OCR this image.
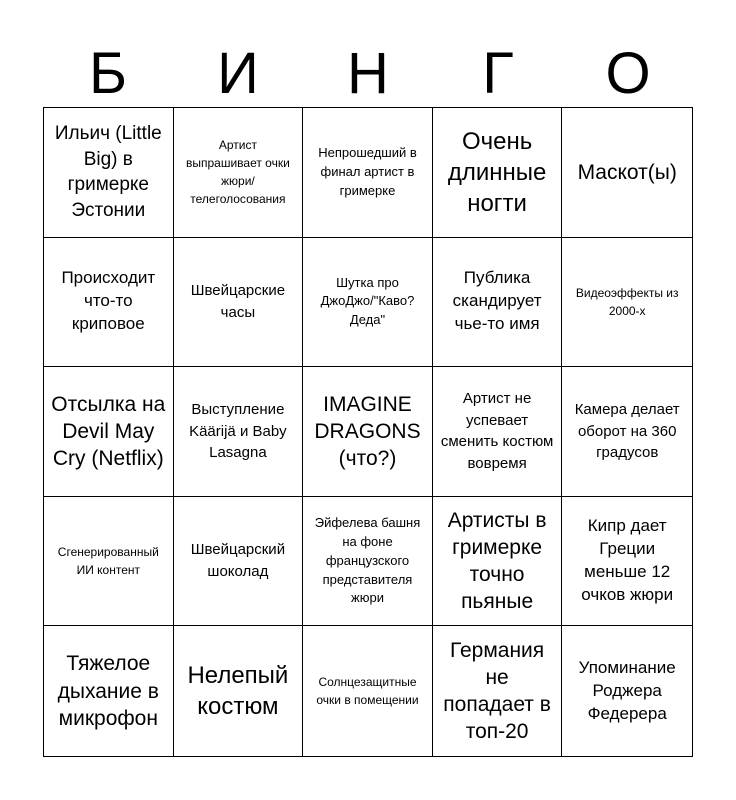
Б	И	Н	Г	О
Ильич (Little Big) в гримерке Эстонии
Артист выпрашивает очки жюри/ телеголосования
Непрошедший в финал артист в гримерке
Очень длинные ногти
Маскот(ы)
Происходит что-то криповое
Швейцарские часы
Шутка про ДжоДжо/"Каво? Деда"
Публика скандирует чье-то имя
Видеоэффекты из 2000-х
Отсылка на Devil May Cry (Netflix)
Выступление Käärijä и Baby Lasagna
IMAGINE DRAGONS (что?)
Артист не успевает сменить костюм вовремя
Камера делает оборот на 360 градусов
Сгенерированный ИИ контент
Швейцарский шоколад
Эйфелева башня на фоне французского представителя жюри
Артисты в гримерке точно пьяные
Кипр дает Греции меньше 12 очков жюри
Тяжелое дыхание в микрофон
Нелепый костюм
Солнцезащитные очки в помещении
Германия не попадает в топ-20
Упоминание Роджера Федерера
